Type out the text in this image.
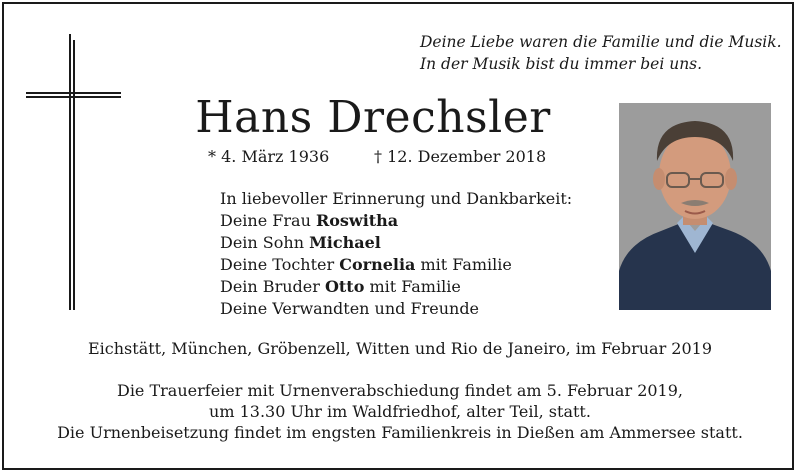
Deine Liebe waren die Familie und die Musik.
In der Musik bist du immer bei uns.
Hans Drechsler
* 4. März 1936	† 12. Dezember 2018
In liebevoller Erinnerung und Dankbarkeit:
Deine Frau Roswitha
Dein Sohn Michael
Deine Tochter Cornelia mit Familie
Dein Bruder Otto mit Familie
Deine Verwandten und Freunde
Eichstätt, München, Gröbenzell, Witten und Rio de Janeiro, im Februar 2019
Die Trauerfeier mit Urnenverabschiedung findet am 5. Februar 2019,
um 13.30 Uhr im Waldfriedhof, alter Teil, statt.
Die Urnenbeisetzung findet im engsten Familienkreis in Dießen am Ammersee statt.
